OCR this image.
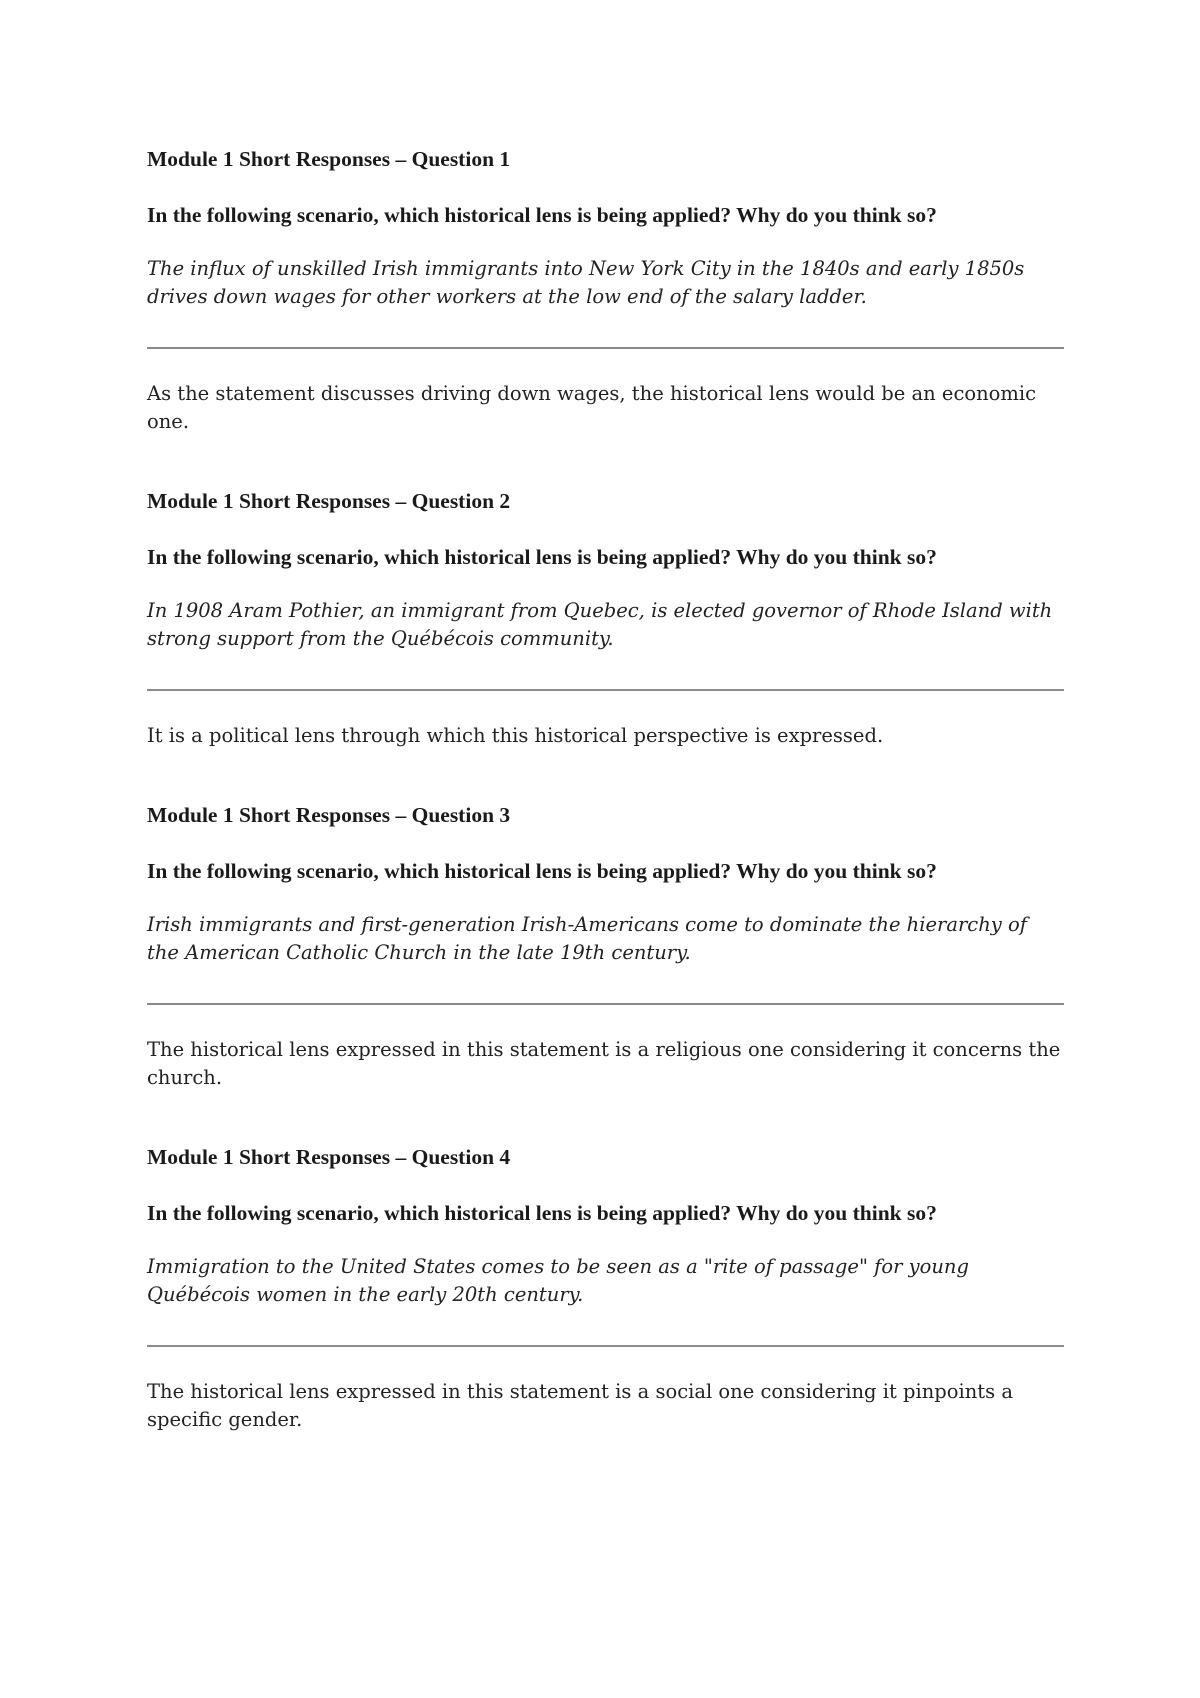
Module 1 Short Responses – Question 1

In the following scenario, which historical lens is being applied? Why do you think so?

The influx of unskilled Irish immigrants into New York City in the 1840s and early 1850s drives down wages for other workers at the low end of the salary ladder.

As the statement discusses driving down wages, the historical lens would be an economic one.

Module 1 Short Responses – Question 2

In the following scenario, which historical lens is being applied? Why do you think so?

In 1908 Aram Pothier, an immigrant from Quebec, is elected governor of Rhode Island with strong support from the Québécois community.

It is a political lens through which this historical perspective is expressed.

Module 1 Short Responses – Question 3

In the following scenario, which historical lens is being applied? Why do you think so?

Irish immigrants and first-generation Irish-Americans come to dominate the hierarchy of the American Catholic Church in the late 19th century.

The historical lens expressed in this statement is a religious one considering it concerns the church.

Module 1 Short Responses – Question 4

In the following scenario, which historical lens is being applied? Why do you think so?

Immigration to the United States comes to be seen as a "rite of passage" for young Québécois women in the early 20th century.

The historical lens expressed in this statement is a social one considering it pinpoints a specific gender.
